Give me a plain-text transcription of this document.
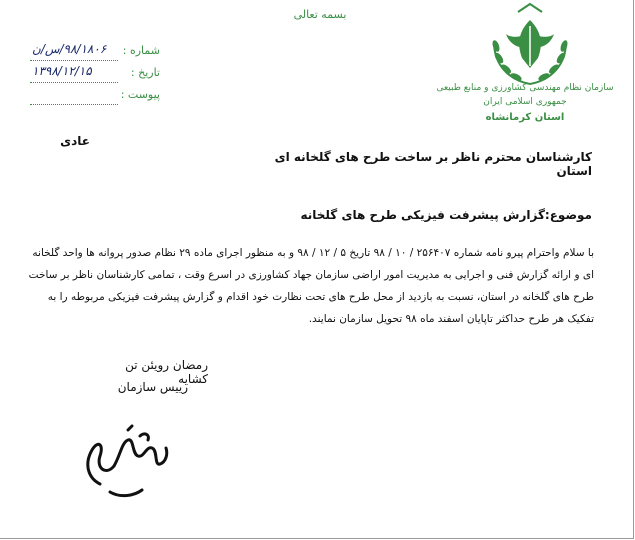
بسمه تعالی
شماره :
۹۸/۱۸۰۶/س/ن
تاریخ :
۱۳۹۸/۱۲/۱۵
پیوست :	سازمان نظام مهندسی کشاورزی و منابع طبیعی
جمهوری اسلامی ایران
استان کرمانشاه
عادی
کارشناسان محترم ناظر بر ساخت طرح های گلخانه ای استان
موضوع:گزارش پیشرفت فیزیکی طرح های گلخانه
با سلام واحترام پیرو نامه شماره ۲۵۶۴۰۷ / ۱۰ / ۹۸ تاریخ ۵ / ۱۲ / ۹۸ و به منظور اجرای ماده ۲۹ نظام صدور پروانه ها واحد گلخانه
ای و ارائه گزارش فنی و اجرایی به مدیریت امور اراضی سازمان جهاد کشاورزی در اسرع وقت ، تمامی کارشناسان ناظر بر ساخت
طرح های گلخانه در استان، نسبت به بازدید از محل طرح های تحت نظارت خود اقدام و گزارش پیشرفت فیزیکی مربوطه را به
تفکیک هر طرح حداکثر تاپایان اسفند ماه ۹۸ تحویل سازمان نمایند.
رمضان رویئن تن کشایه
رییس سازمان
